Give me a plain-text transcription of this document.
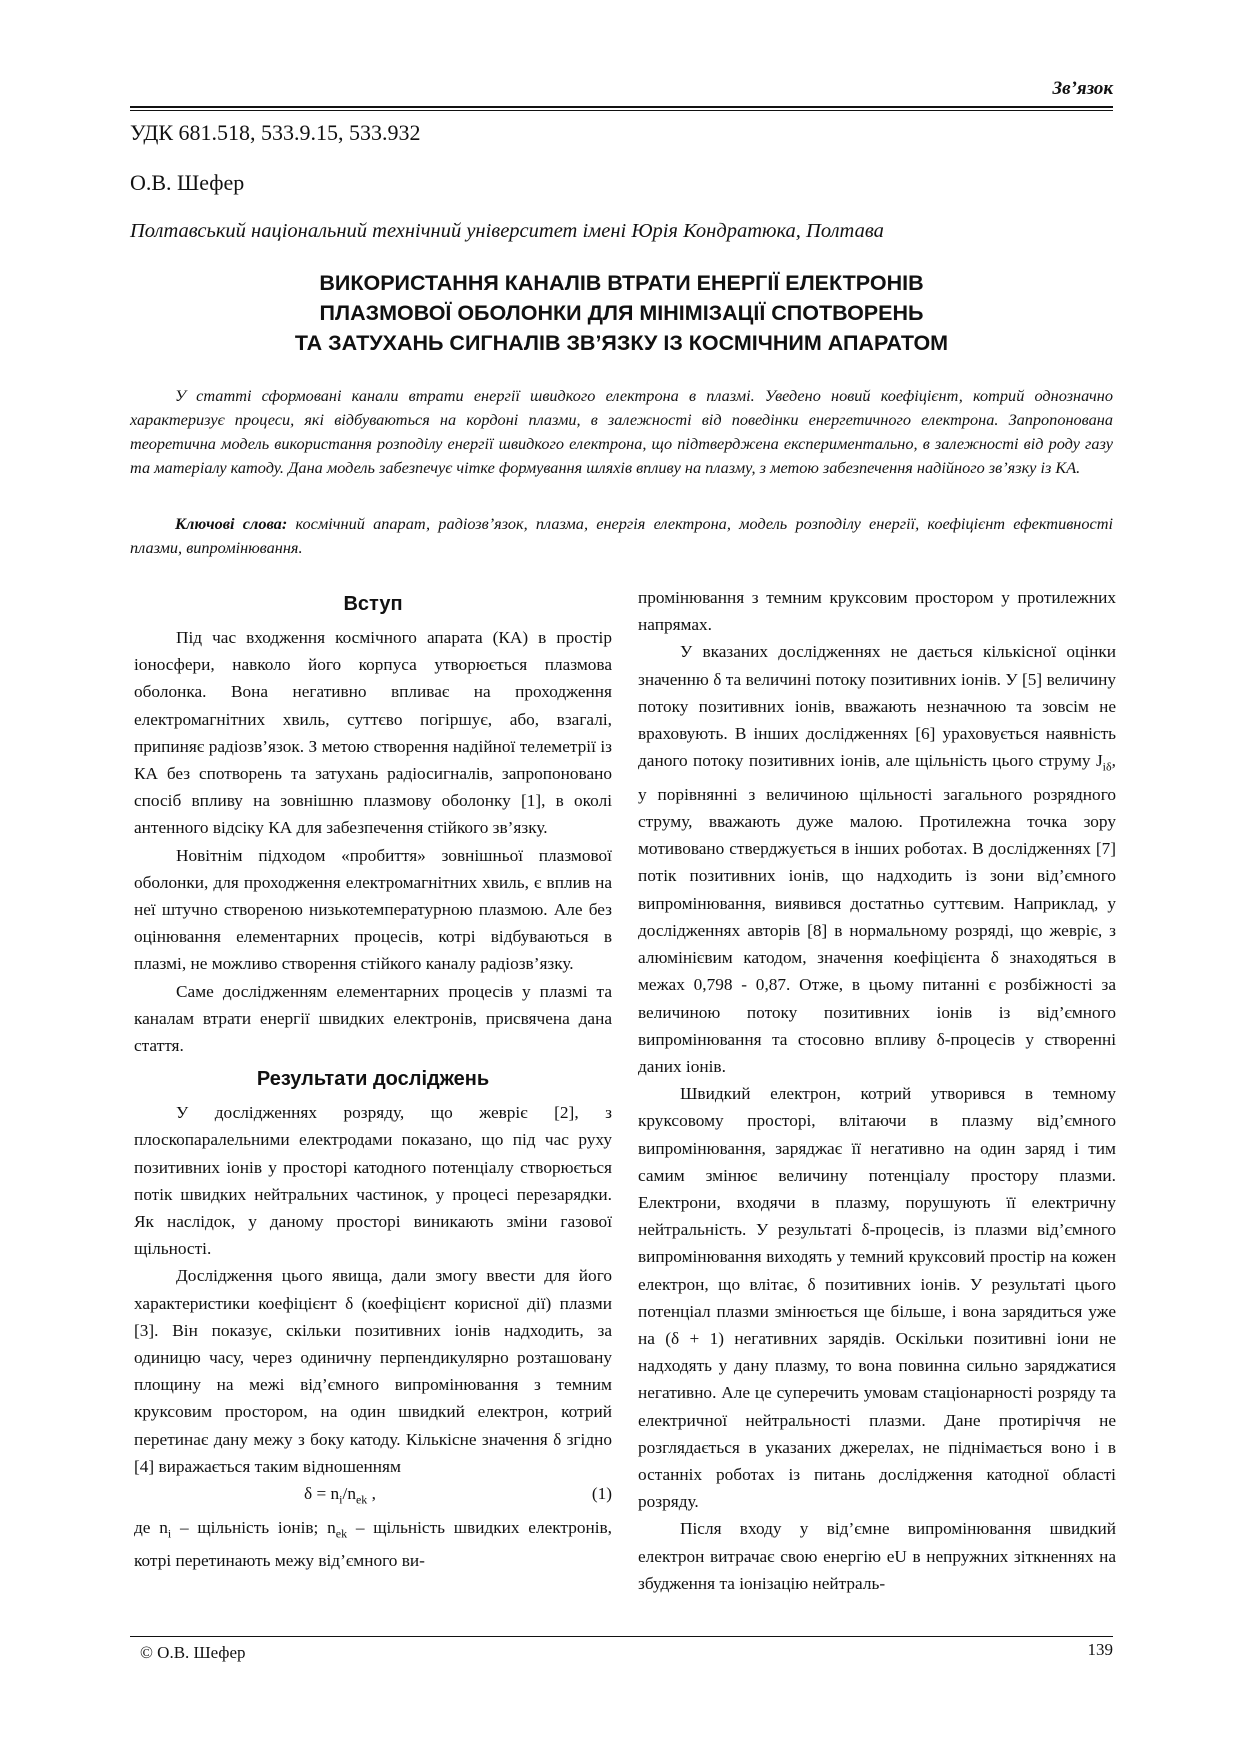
Зв’язок
УДК 681.518, 533.9.15, 533.932
О.В. Шефер
Полтавський національний технічний університет імені Юрія Кондратюка, Полтава
ВИКОРИСТАННЯ КАНАЛІВ ВТРАТИ ЕНЕРГІЇ ЕЛЕКТРОНІВ
ПЛАЗМОВОЇ ОБОЛОНКИ ДЛЯ МІНІМІЗАЦІЇ СПОТВОРЕНЬ
ТА ЗАТУХАНЬ СИГНАЛІВ ЗВ’ЯЗКУ ІЗ КОСМІЧНИМ АПАРАТОМ
У статті сформовані канали втрати енергії швидкого електрона в плазмі. Уведено новий коефіцієнт, котрий однозначно характеризує процеси, які відбуваються на кордоні плазми, в залежності від поведінки енергетичного електрона. Запропонована теоретична модель використання розподілу енергії швидкого електрона, що підтверджена експериментально, в залежності від роду газу та матеріалу катоду. Дана модель забезпечує чітке формування шляхів впливу на плазму, з метою забезпечення надійного зв’язку із КА.
Ключові слова: космічний апарат, радіозв’язок, плазма, енергія електрона, модель розподілу енергії, коефіцієнт ефективності плазми, випромінювання.
Вступ

Під час входження космічного апарата (КА) в простір іоносфери, навколо його корпуса утворюється плазмова оболонка. Вона негативно впливає на проходження електромагнітних хвиль, суттєво погіршує, або, взагалі, припиняє радіозв’язок. З метою створення надійної телеметрії із КА без спотворень та затухань радіосигналів, запропоновано спосіб впливу на зовнішню плазмову оболонку [1], в околі антенного відсіку КА для забезпечення стійкого зв’язку.

Новітнім підходом «пробиття» зовнішньої плазмової оболонки, для проходження електромагнітних хвиль, є вплив на неї штучно створеною низькотемпературною плазмою. Але без оцінювання елементарних процесів, котрі відбуваються в плазмі, не можливо створення стійкого каналу радіозв’язку.

Саме дослідженням елементарних процесів у плазмі та каналам втрати енергії швидких електронів, присвячена дана стаття.

Результати досліджень

У дослідженнях розряду, що жевріє [2], з плоскопаралельними електродами показано, що під час руху позитивних іонів у просторі катодного потенціалу створюється потік швидких нейтральних частинок, у процесі перезарядки. Як наслідок, у даному просторі виникають зміни газової щільності.

Дослідження цього явища, дали змогу ввести для його характеристики коефіцієнт δ (коефіцієнт корисної дії) плазми [3]. Він показує, скільки позитивних іонів надходить, за одиницю часу, через одиничну перпендикулярно розташовану площину на межі від’ємного випромінювання з темним круксовим простором, на один швидкий електрон, котрий перетинає дану межу з боку катоду. Кількісне значення δ згідно [4] виражається таким відношенням

$\delta = n_i/n_{ek}$ ,	(1)

де $n_i$ – щільність іонів; $n_{ek}$ – щільність швидких електронів, котрі перетинають межу від’ємного ви-

промінювання з темним круксовим простором у протилежних напрямах.

У вказаних дослідженнях не дається кількісної оцінки значенню δ та величині потоку позитивних іонів. У [5] величину потоку позитивних іонів, вважають незначною та зовсім не враховують. В інших дослідженнях [6] ураховується наявність даного потоку позитивних іонів, але щільність цього струму $J_{i\delta}$, у порівнянні з величиною щільності загального розрядного струму, вважають дуже малою. Протилежна точка зору мотивовано стверджується в інших роботах. В дослідженнях [7] потік позитивних іонів, що надходить із зони від’ємного випромінювання, виявився достатньо суттєвим. Наприклад, у дослідженнях авторів [8] в нормальному розряді, що жевріє, з алюмінієвим катодом, значення коефіцієнта δ знаходяться в межах 0,798 - 0,87. Отже, в цьому питанні є розбіжності за величиною потоку позитивних іонів із від’ємного випромінювання та стосовно впливу δ-процесів у створенні даних іонів.

Швидкий електрон, котрий утворився в темному круксовому просторі, влітаючи в плазму від’ємного випромінювання, заряджає її негативно на один заряд і тим самим змінює величину потенціалу простору плазми. Електрони, входячи в плазму, порушують її електричну нейтральність. У результаті δ-процесів, із плазми від’ємного випромінювання виходять у темний круксовий простір на кожен електрон, що влітає, δ позитивних іонів. У результаті цього потенціал плазми змінюється ще більше, і вона зарядиться уже на (δ + 1) негативних зарядів. Оскільки позитивні іони не надходять у дану плазму, то вона повинна сильно заряджатися негативно. Але це суперечить умовам стаціонарності розряду та електричної нейтральності плазми. Дане протиріччя не розглядається в указаних джерелах, не піднімається воно і в останніх роботах із питань дослідження катодної області розряду.

Після входу у від’ємне випромінювання швидкий електрон витрачає свою енергію eU в непружних зіткненнях на збудження та іонізацію нейтраль-

© О.В. Шефер	139
